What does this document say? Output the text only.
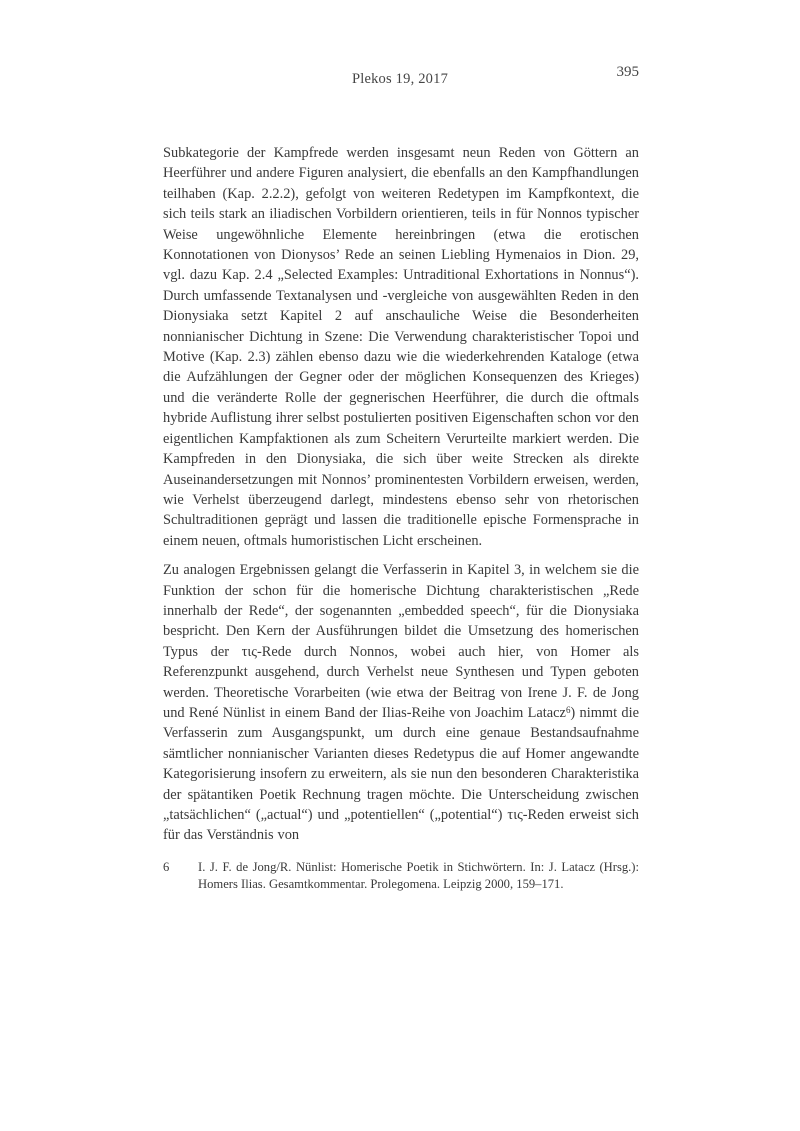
Plekos 19, 2017	395

Subkategorie der Kampfrede werden insgesamt neun Reden von Göttern an Heerführer und andere Figuren analysiert, die ebenfalls an den Kampfhandlungen teilhaben (Kap. 2.2.2), gefolgt von weiteren Redetypen im Kampfkontext, die sich teils stark an iliadischen Vorbildern orientieren, teils in für Nonnos typischer Weise ungewöhnliche Elemente hereinbringen (etwa die erotischen Konnotationen von Dionysos’ Rede an seinen Liebling Hymenaios in Dion. 29, vgl. dazu Kap. 2.4 „Selected Examples: Untraditional Exhortations in Nonnus“). Durch umfassende Textanalysen und -vergleiche von ausgewählten Reden in den Dionysiaka setzt Kapitel 2 auf anschauliche Weise die Besonderheiten nonnianischer Dichtung in Szene: Die Verwendung charakteristischer Topoi und Motive (Kap. 2.3) zählen ebenso dazu wie die wiederkehrenden Kataloge (etwa die Aufzählungen der Gegner oder der möglichen Konsequenzen des Krieges) und die veränderte Rolle der gegnerischen Heerführer, die durch die oftmals hybride Auflistung ihrer selbst postulierten positiven Eigenschaften schon vor den eigentlichen Kampfaktionen als zum Scheitern Verurteilte markiert werden. Die Kampfreden in den Dionysiaka, die sich über weite Strecken als direkte Auseinandersetzungen mit Nonnos’ prominentesten Vorbildern erweisen, werden, wie Verhelst überzeugend darlegt, mindestens ebenso sehr von rhetorischen Schultraditionen geprägt und lassen die traditionelle epische Formensprache in einem neuen, oftmals humoristischen Licht erscheinen.

Zu analogen Ergebnissen gelangt die Verfasserin in Kapitel 3, in welchem sie die Funktion der schon für die homerische Dichtung charakteristischen „Rede innerhalb der Rede“, der sogenannten „embedded speech“, für die Dionysiaka bespricht. Den Kern der Ausführungen bildet die Umsetzung des homerischen Typus der τις-Rede durch Nonnos, wobei auch hier, von Homer als Referenzpunkt ausgehend, durch Verhelst neue Synthesen und Typen geboten werden. Theoretische Vorarbeiten (wie etwa der Beitrag von Irene J. F. de Jong und René Nünlist in einem Band der Ilias-Reihe von Joachim Latacz$^6$) nimmt die Verfasserin zum Ausgangspunkt, um durch eine genaue Bestandsaufnahme sämtlicher nonnianischer Varianten dieses Redetypus die auf Homer angewandte Kategorisierung insofern zu erweitern, als sie nun den besonderen Charakteristika der spätantiken Poetik Rechnung tragen möchte. Die Unterscheidung zwischen „tatsächlichen“ („actual“) und „potentiellen“ („potential“) τις-Reden erweist sich für das Verständnis von

6	I. J. F. de Jong/R. Nünlist: Homerische Poetik in Stichwörtern. In: J. Latacz (Hrsg.): Homers Ilias. Gesamtkommentar. Prolegomena. Leipzig 2000, 159–171.
